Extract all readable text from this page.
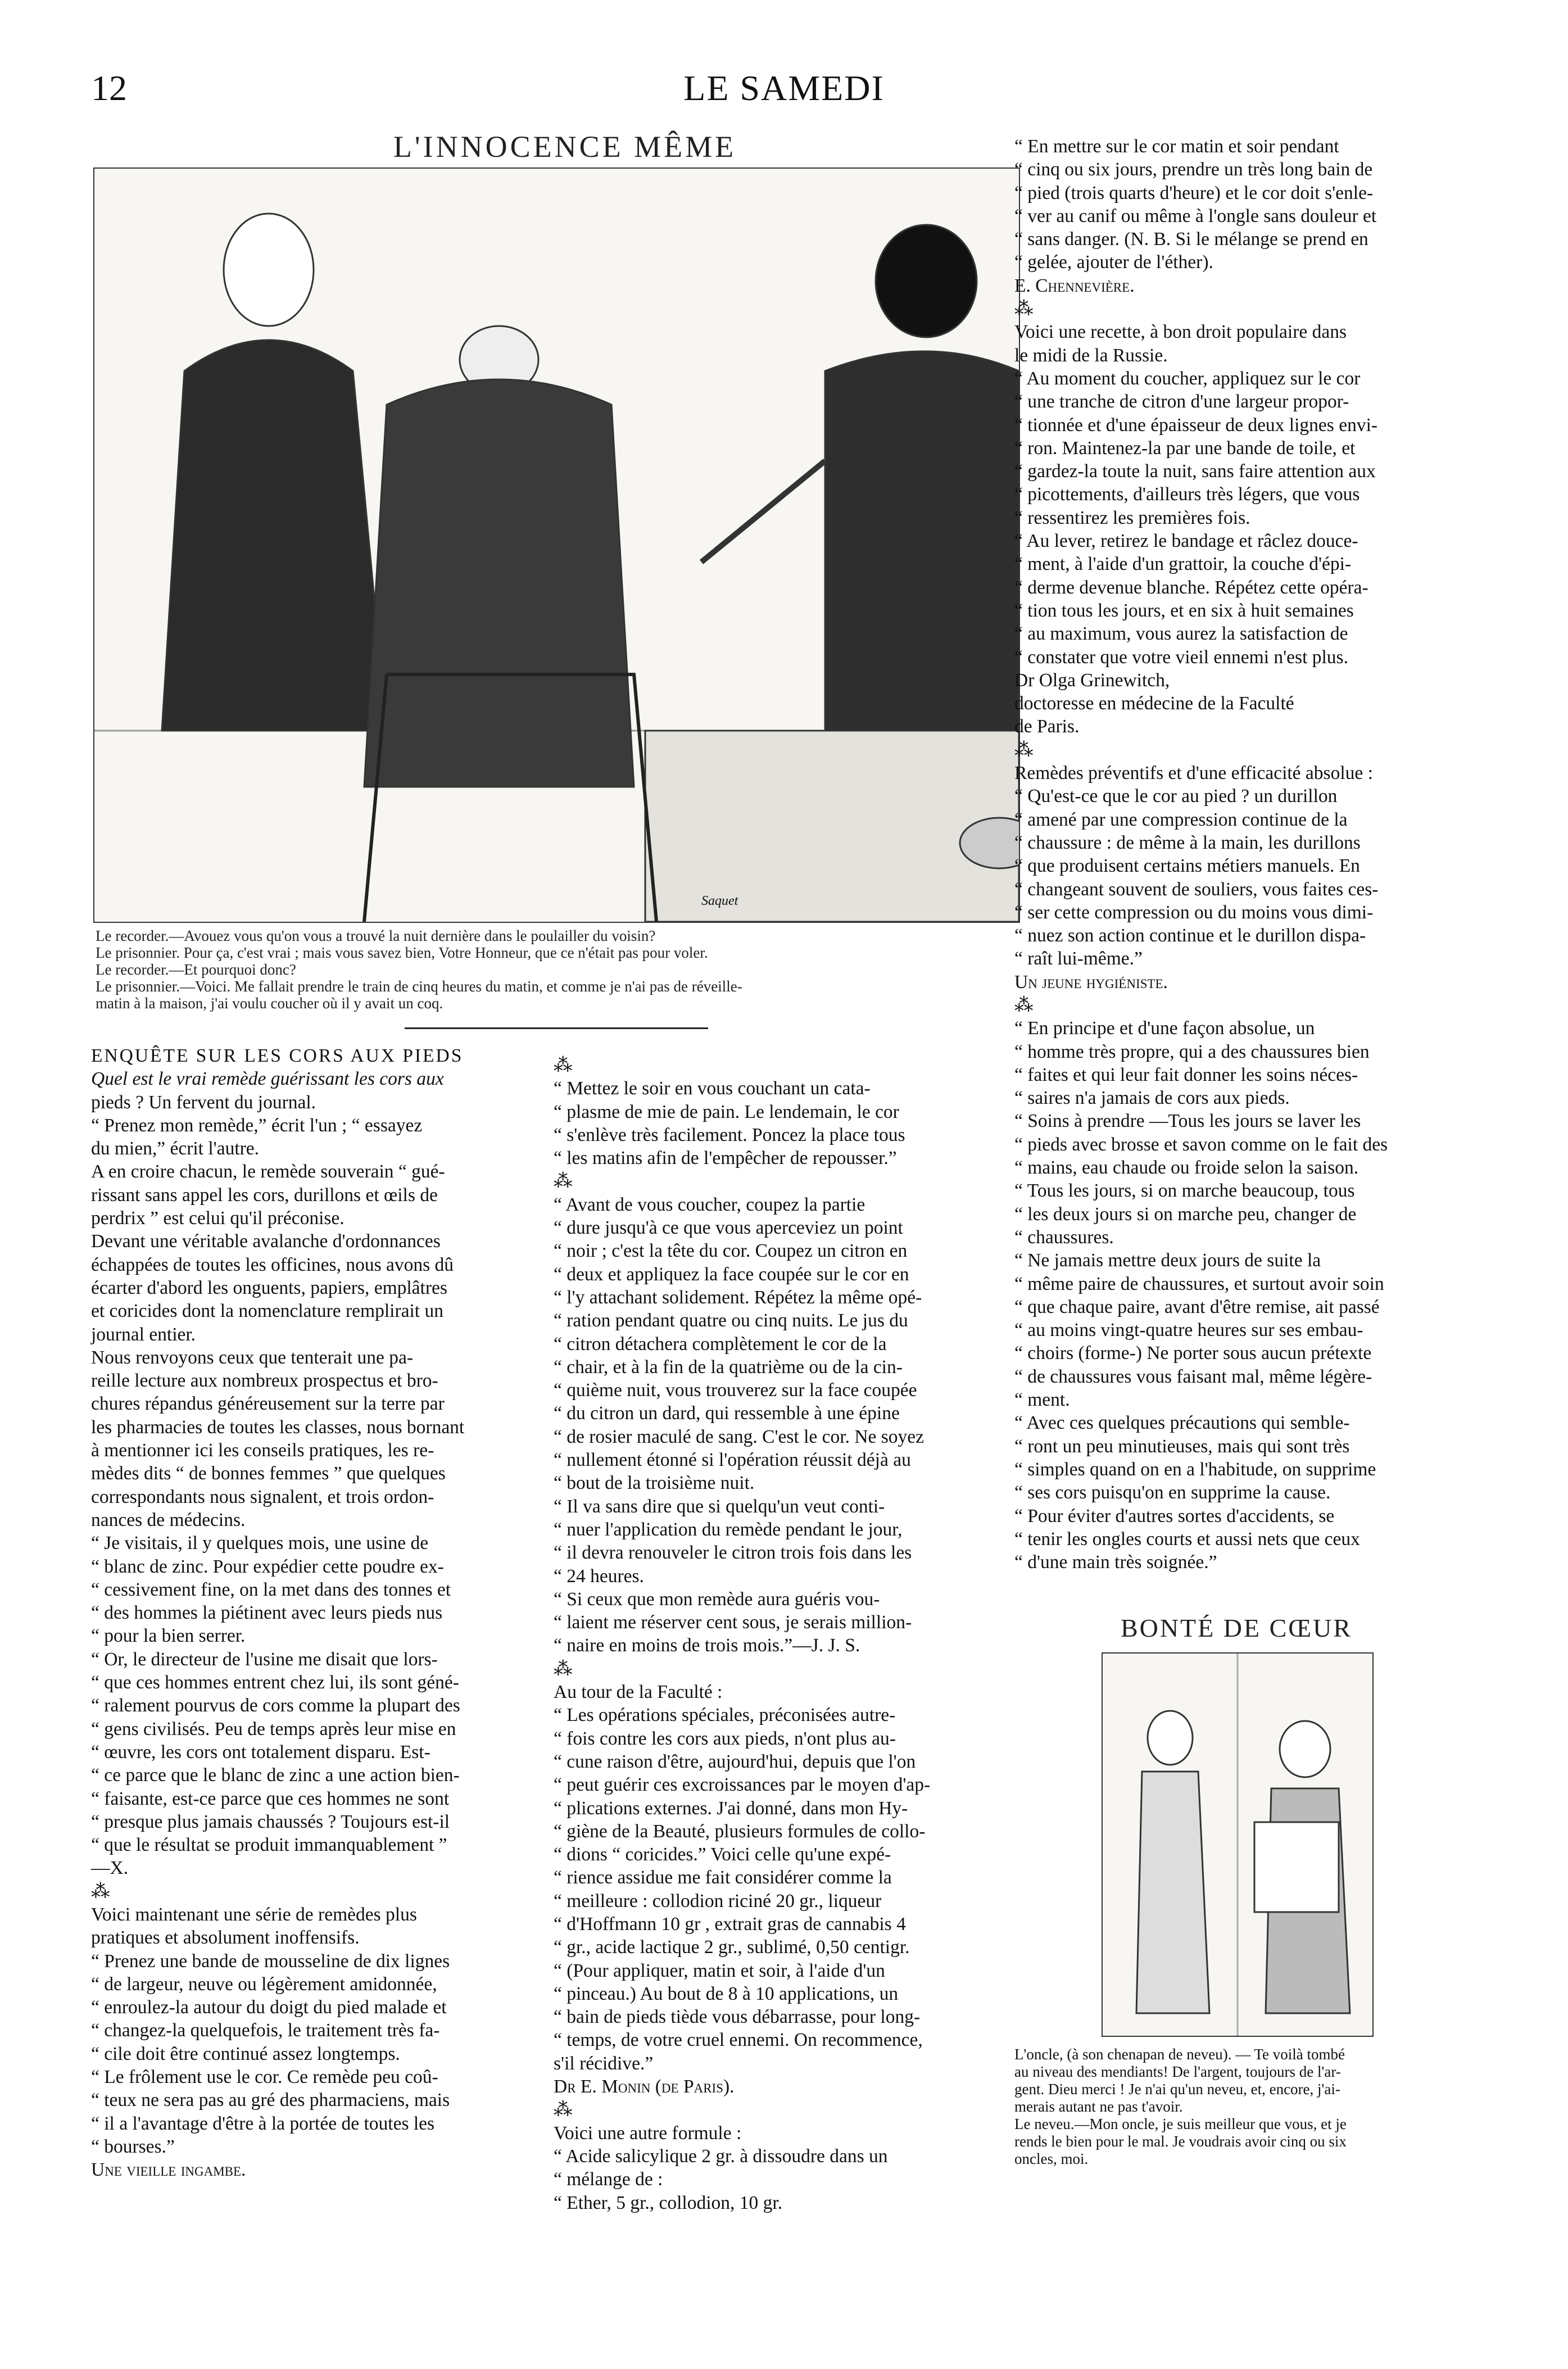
12	LE SAMEDI
L'INNOCENCE MÊME
Saquet
Le recorder.—Avouez vous qu'on vous a trouvé la nuit dernière dans le poulailler du voisin?
Le prisonnier. Pour ça, c'est vrai ; mais vous savez bien, Votre Honneur, que ce n'était pas pour voler.
Le recorder.—Et pourquoi donc?
Le prisonnier.—Voici. Me fallait prendre le train de cinq heures du matin, et comme je n'ai pas de réveille-
matin à la maison, j'ai voulu coucher où il y avait un coq.
ENQUÊTE SUR LES CORS AUX PIEDS
Quel est le vrai remède guérissant les cors aux
pieds ? Un fervent du journal.
“ Prenez mon remède,” écrit l'un ; “ essayez
du mien,” écrit l'autre.
A en croire chacun, le remède souverain “ gué-
rissant sans appel les cors, durillons et œils de
perdrix ” est celui qu'il préconise.
Devant une véritable avalanche d'ordonnances
échappées de toutes les officines, nous avons dû
écarter d'abord les onguents, papiers, emplâtres
et coricides dont la nomenclature remplirait un
journal entier.
Nous renvoyons ceux que tenterait une pa-
reille lecture aux nombreux prospectus et bro-
chures répandus généreusement sur la terre par
les pharmacies de toutes les classes, nous bornant
à mentionner ici les conseils pratiques, les re-
mèdes dits “ de bonnes femmes ” que quelques
correspondants nous signalent, et trois ordon-
nances de médecins.
“ Je visitais, il y quelques mois, une usine de
“ blanc de zinc. Pour expédier cette poudre ex-
“ cessivement fine, on la met dans des tonnes et
“ des hommes la piétinent avec leurs pieds nus
“ pour la bien serrer.
“ Or, le directeur de l'usine me disait que lors-
“ que ces hommes entrent chez lui, ils sont géné-
“ ralement pourvus de cors comme la plupart des
“ gens civilisés. Peu de temps après leur mise en
“ œuvre, les cors ont totalement disparu. Est-
“ ce parce que le blanc de zinc a une action bien-
“ faisante, est-ce parce que ces hommes ne sont
“ presque plus jamais chaussés ? Toujours est-il
“ que le résultat se produit immanquablement ”
—X.
⁂
Voici maintenant une série de remèdes plus
pratiques et absolument inoffensifs.
“ Prenez une bande de mousseline de dix lignes
“ de largeur, neuve ou légèrement amidonnée,
“ enroulez-la autour du doigt du pied malade et
“ changez-la quelquefois, le traitement très fa-
“ cile doit être continué assez longtemps.
“ Le frôlement use le cor. Ce remède peu coû-
“ teux ne sera pas au gré des pharmaciens, mais
“ il a l'avantage d'être à la portée de toutes les
“ bourses.”
Une vieille ingambe.
⁂
“ Mettez le soir en vous couchant un cata-
“ plasme de mie de pain. Le lendemain, le cor
“ s'enlève très facilement. Poncez la place tous
“ les matins afin de l'empêcher de repousser.”
⁂
“ Avant de vous coucher, coupez la partie
“ dure jusqu'à ce que vous aperceviez un point
“ noir ; c'est la tête du cor. Coupez un citron en
“ deux et appliquez la face coupée sur le cor en
“ l'y attachant solidement. Répétez la même opé-
“ ration pendant quatre ou cinq nuits. Le jus du
“ citron détachera complètement le cor de la
“ chair, et à la fin de la quatrième ou de la cin-
“ quième nuit, vous trouverez sur la face coupée
“ du citron un dard, qui ressemble à une épine
“ de rosier maculé de sang. C'est le cor. Ne soyez
“ nullement étonné si l'opération réussit déjà au
“ bout de la troisième nuit.
“ Il va sans dire que si quelqu'un veut conti-
“ nuer l'application du remède pendant le jour,
“ il devra renouveler le citron trois fois dans les
“ 24 heures.
“ Si ceux que mon remède aura guéris vou-
“ laient me réserver cent sous, je serais million-
“ naire en moins de trois mois.”—J. J. S.
⁂
Au tour de la Faculté :
“ Les opérations spéciales, préconisées autre-
“ fois contre les cors aux pieds, n'ont plus au-
“ cune raison d'être, aujourd'hui, depuis que l'on
“ peut guérir ces excroissances par le moyen d'ap-
“ plications externes. J'ai donné, dans mon Hy-
“ giène de la Beauté, plusieurs formules de collo-
“ dions “ coricides.” Voici celle qu'une expé-
“ rience assidue me fait considérer comme la
“ meilleure : collodion riciné 20 gr., liqueur
“ d'Hoffmann 10 gr , extrait gras de cannabis 4
“ gr., acide lactique 2 gr., sublimé, 0,50 centigr.
“ (Pour appliquer, matin et soir, à l'aide d'un
“ pinceau.) Au bout de 8 à 10 applications, un
“ bain de pieds tiède vous débarrasse, pour long-
“ temps, de votre cruel ennemi. On recommence,
s'il récidive.”
Dr E. Monin (de Paris).
⁂
Voici une autre formule :
“ Acide salicylique 2 gr. à dissoudre dans un
“ mélange de :
“ Ether, 5 gr., collodion, 10 gr.
“ En mettre sur le cor matin et soir pendant
“ cinq ou six jours, prendre un très long bain de
“ pied (trois quarts d'heure) et le cor doit s'enle-
“ ver au canif ou même à l'ongle sans douleur et
“ sans danger. (N. B. Si le mélange se prend en
“ gelée, ajouter de l'éther).
E. Chennevière.
⁂
Voici une recette, à bon droit populaire dans
le midi de la Russie.
“ Au moment du coucher, appliquez sur le cor
“ une tranche de citron d'une largeur propor-
“ tionnée et d'une épaisseur de deux lignes envi-
“ ron. Maintenez-la par une bande de toile, et
“ gardez-la toute la nuit, sans faire attention aux
“ picottements, d'ailleurs très légers, que vous
“ ressentirez les premières fois.
“ Au lever, retirez le bandage et râclez douce-
“ ment, à l'aide d'un grattoir, la couche d'épi-
“ derme devenue blanche. Répétez cette opéra-
“ tion tous les jours, et en six à huit semaines
“ au maximum, vous aurez la satisfaction de
“ constater que votre vieil ennemi n'est plus.
Dr Olga Grinewitch,
doctoresse en médecine de la Faculté
de Paris.
⁂
Remèdes préventifs et d'une efficacité absolue :
“ Qu'est-ce que le cor au pied ? un durillon
“ amené par une compression continue de la
“ chaussure : de même à la main, les durillons
“ que produisent certains métiers manuels. En
“ changeant souvent de souliers, vous faites ces-
“ ser cette compression ou du moins vous dimi-
“ nuez son action continue et le durillon dispa-
“ raît lui-même.”
Un jeune hygiéniste.
⁂
“ En principe et d'une façon absolue, un
“ homme très propre, qui a des chaussures bien
“ faites et qui leur fait donner les soins néces-
“ saires n'a jamais de cors aux pieds.
“ Soins à prendre —Tous les jours se laver les
“ pieds avec brosse et savon comme on le fait des
“ mains, eau chaude ou froide selon la saison.
“ Tous les jours, si on marche beaucoup, tous
“ les deux jours si on marche peu, changer de
“ chaussures.
“ Ne jamais mettre deux jours de suite la
“ même paire de chaussures, et surtout avoir soin
“ que chaque paire, avant d'être remise, ait passé
“ au moins vingt-quatre heures sur ses embau-
“ choirs (forme-) Ne porter sous aucun prétexte
“ de chaussures vous faisant mal, même légère-
“ ment.
“ Avec ces quelques précautions qui semble-
“ ront un peu minutieuses, mais qui sont très
“ simples quand on en a l'habitude, on supprime
“ ses cors puisqu'on en supprime la cause.
“ Pour éviter d'autres sortes d'accidents, se
“ tenir les ongles courts et aussi nets que ceux
“ d'une main très soignée.”
BONTÉ DE CŒUR
L'oncle, (à son chenapan de neveu). — Te voilà tombé
au niveau des mendiants! De l'argent, toujours de l'ar-
gent. Dieu merci ! Je n'ai qu'un neveu, et, encore, j'ai-
merais autant ne pas t'avoir.
Le neveu.—Mon oncle, je suis meilleur que vous, et je
rends le bien pour le mal. Je voudrais avoir cinq ou six
oncles, moi.
